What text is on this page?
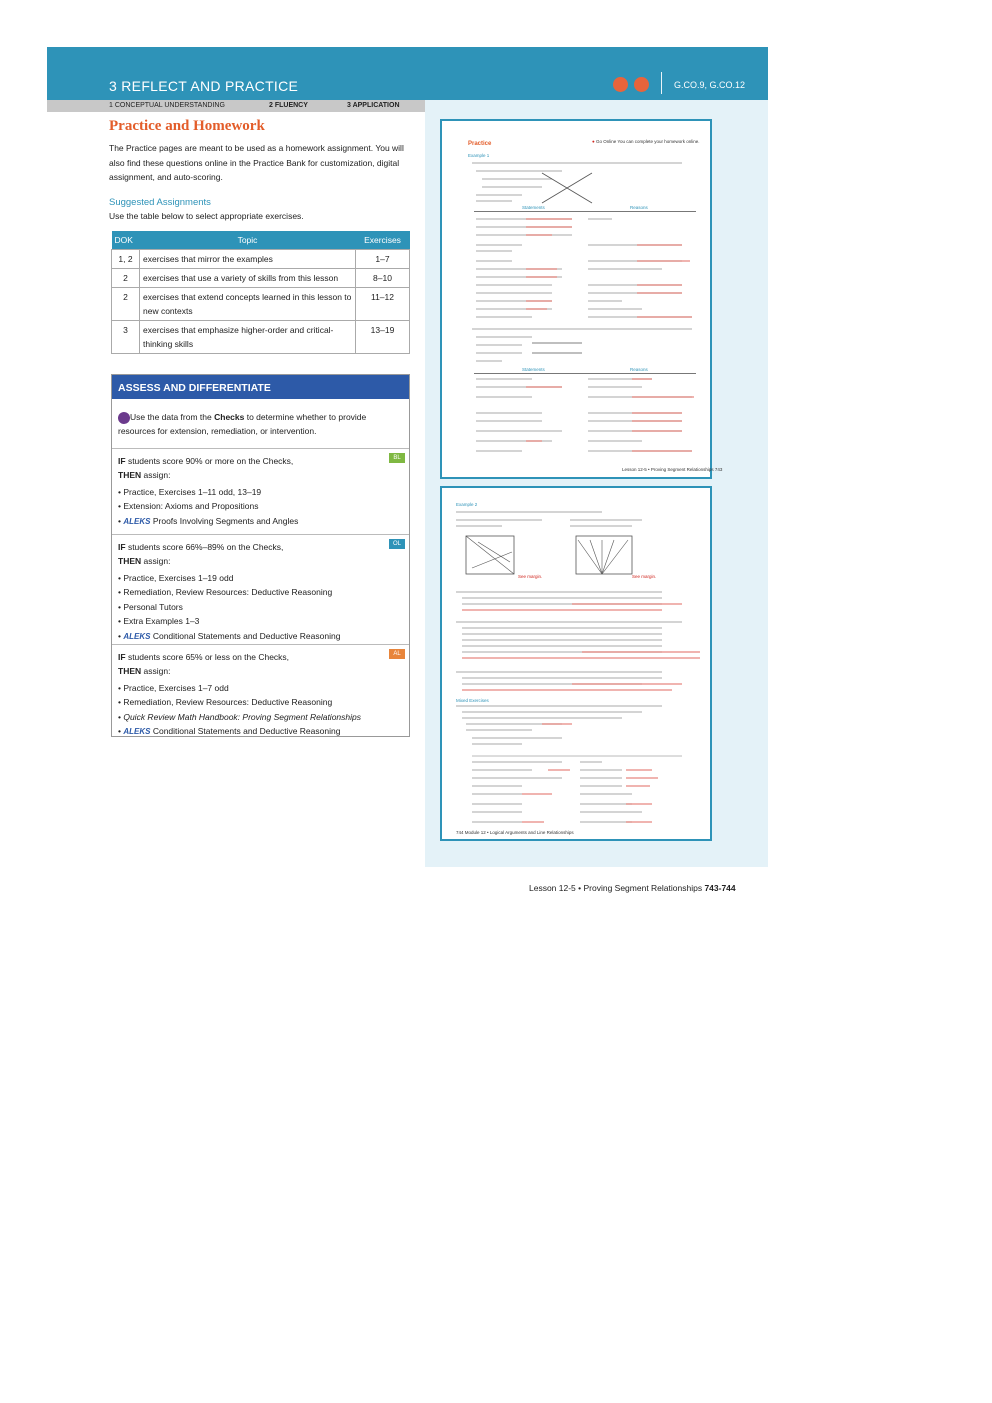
3 REFLECT AND PRACTICE	G.CO.9, G.CO.12
1 CONCEPTUAL UNDERSTANDING	2 FLUENCY	3 APPLICATION
Practice and Homework
The Practice pages are meant to be used as a homework assignment. You will also find these questions online in the Practice Bank for customization, digital assignment, and auto-scoring.
Suggested Assignments
Use the table below to select appropriate exercises.
DOK	Topic	Exercises
1, 2	exercises that mirror the examples	1–7
2	exercises that use a variety of skills from this lesson	8–10
2	exercises that extend concepts learned in this lesson to new contexts	11–12
3	exercises that emphasize higher-order and critical-thinking skills	13–19
ASSESS AND DIFFERENTIATE
Use the data from the Checks to determine whether to provide resources for extension, remediation, or intervention.
IF students score 90% or more on the Checks,
THEN assign:
BL
• Practice, Exercises 1–11 odd, 13–19
• Extension: Axioms and Propositions
• ALEKS Proofs Involving Segments and Angles
IF students score 66%–89% on the Checks,
THEN assign:
OL
• Practice, Exercises 1–19 odd
• Remediation, Review Resources: Deductive Reasoning
• Personal Tutors
• Extra Examples 1–3
• ALEKS Conditional Statements and Deductive Reasoning
IF students score 65% or less on the Checks,
THEN assign:
AL
• Practice, Exercises 1–7 odd
• Remediation, Review Resources: Deductive Reasoning
• Quick Review Math Handbook: Proving Segment Relationships
• ALEKS Conditional Statements and Deductive Reasoning
Practice	● Go Online You can complete your homework online.
Example 1
Statements	Reasons
Statements	Reasons
Lesson 12-5 • Proving Segment Relationships 743
Example 2
See margin.	See margin.
Mixed Exercises
744 Module 12 • Logical Arguments and Line Relationships
Lesson 12-5 • Proving Segment Relationships 743-744
